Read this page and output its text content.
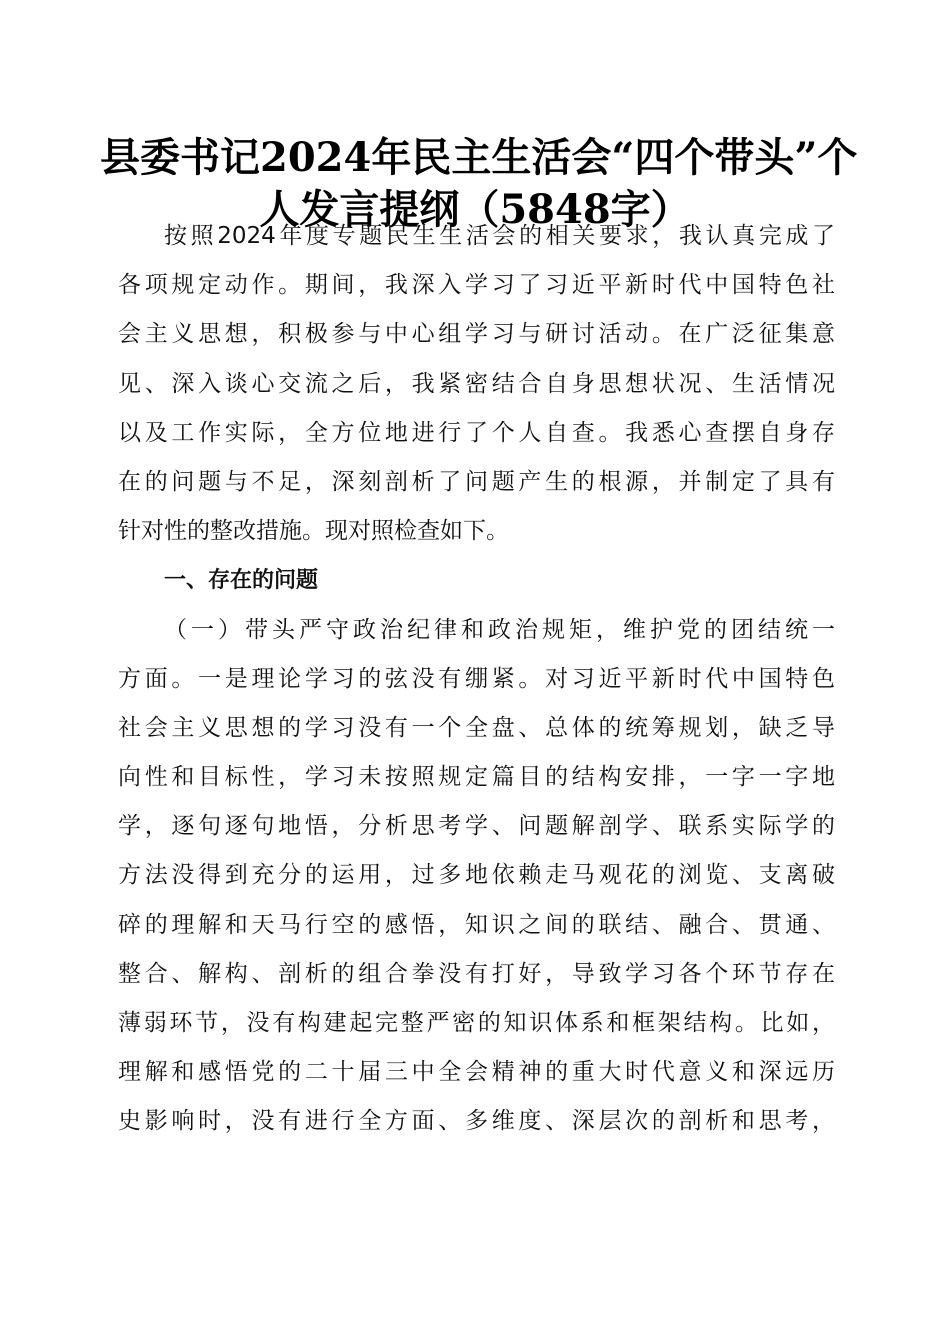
县委书记2024年民主生活会“四个带头”个
人发言提纲（5848字）
按照2024年度专题民生生活会的相关要求，我认真完成了
各项规定动作。期间，我深入学习了习近平新时代中国特色社
会主义思想，积极参与中心组学习与研讨活动。在广泛征集意
见、深入谈心交流之后，我紧密结合自身思想状况、生活情况
以及工作实际，全方位地进行了个人自查。我悉心查摆自身存
在的问题与不足，深刻剖析了问题产生的根源，并制定了具有
针对性的整改措施。现对照检查如下。
一、存在的问题
（一）带头严守政治纪律和政治规矩，维护党的团结统一
方面。一是理论学习的弦没有绷紧。对习近平新时代中国特色
社会主义思想的学习没有一个全盘、总体的统筹规划，缺乏导
向性和目标性，学习未按照规定篇目的结构安排，一字一字地
学，逐句逐句地悟，分析思考学、问题解剖学、联系实际学的
方法没得到充分的运用，过多地依赖走马观花的浏览、支离破
碎的理解和天马行空的感悟，知识之间的联结、融合、贯通、
整合、解构、剖析的组合拳没有打好，导致学习各个环节存在
薄弱环节，没有构建起完整严密的知识体系和框架结构。比如，
理解和感悟党的二十届三中全会精神的重大时代意义和深远历
史影响时，没有进行全方面、多维度、深层次的剖析和思考，
